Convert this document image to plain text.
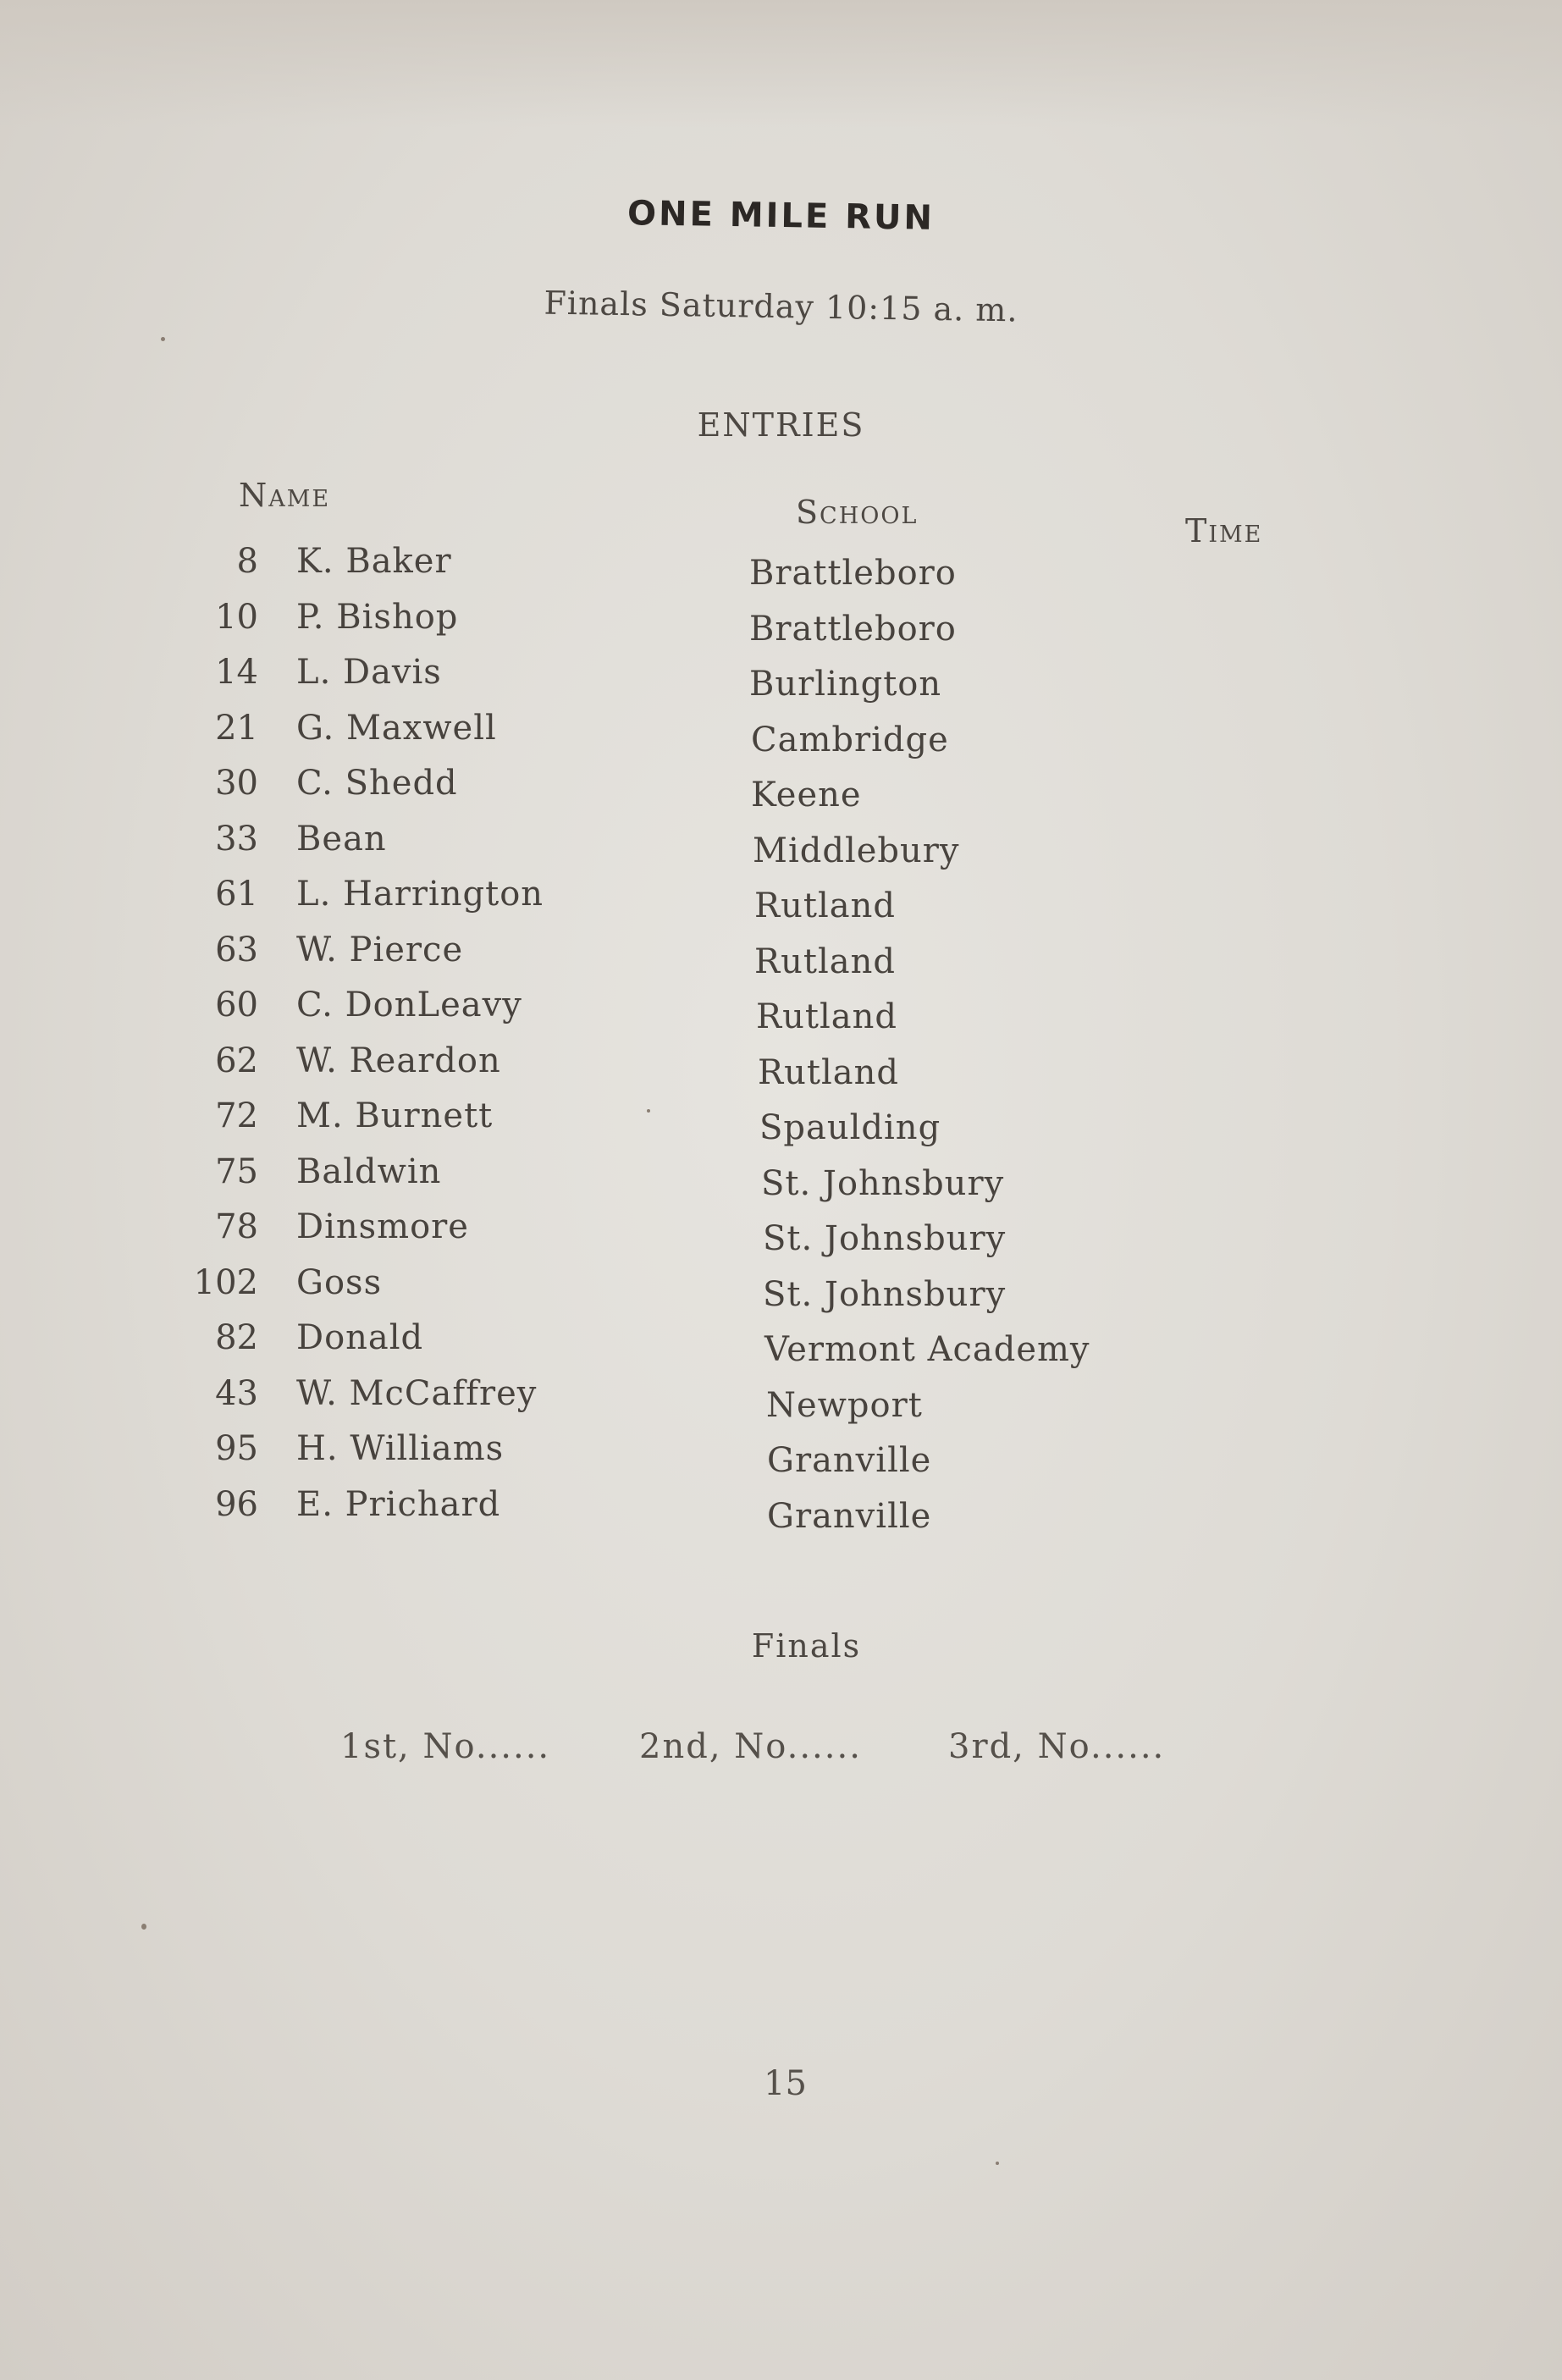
ONE MILE RUN
Finals Saturday 10:15 a. m.
ENTRIES
Name	School	Time
8 K. Baker	Brattleboro
10 P. Bishop	Brattleboro
14 L. Davis	Burlington
21 G. Maxwell	Cambridge
30 C. Shedd	Keene
33 Bean	Middlebury
61 L. Harrington	Rutland
63 W. Pierce	Rutland
60 C. DonLeavy	Rutland
62 W. Reardon	Rutland
72 M. Burnett	Spaulding
75 Baldwin	St. Johnsbury
78 Dinsmore	St. Johnsbury
102 Goss	St. Johnsbury
82 Donald	Vermont Academy
43 W. McCaffrey	Newport
95 H. Williams	Granville
96 E. Prichard	Granville
Finals
1st, No......	2nd, No......	3rd, No......
15
